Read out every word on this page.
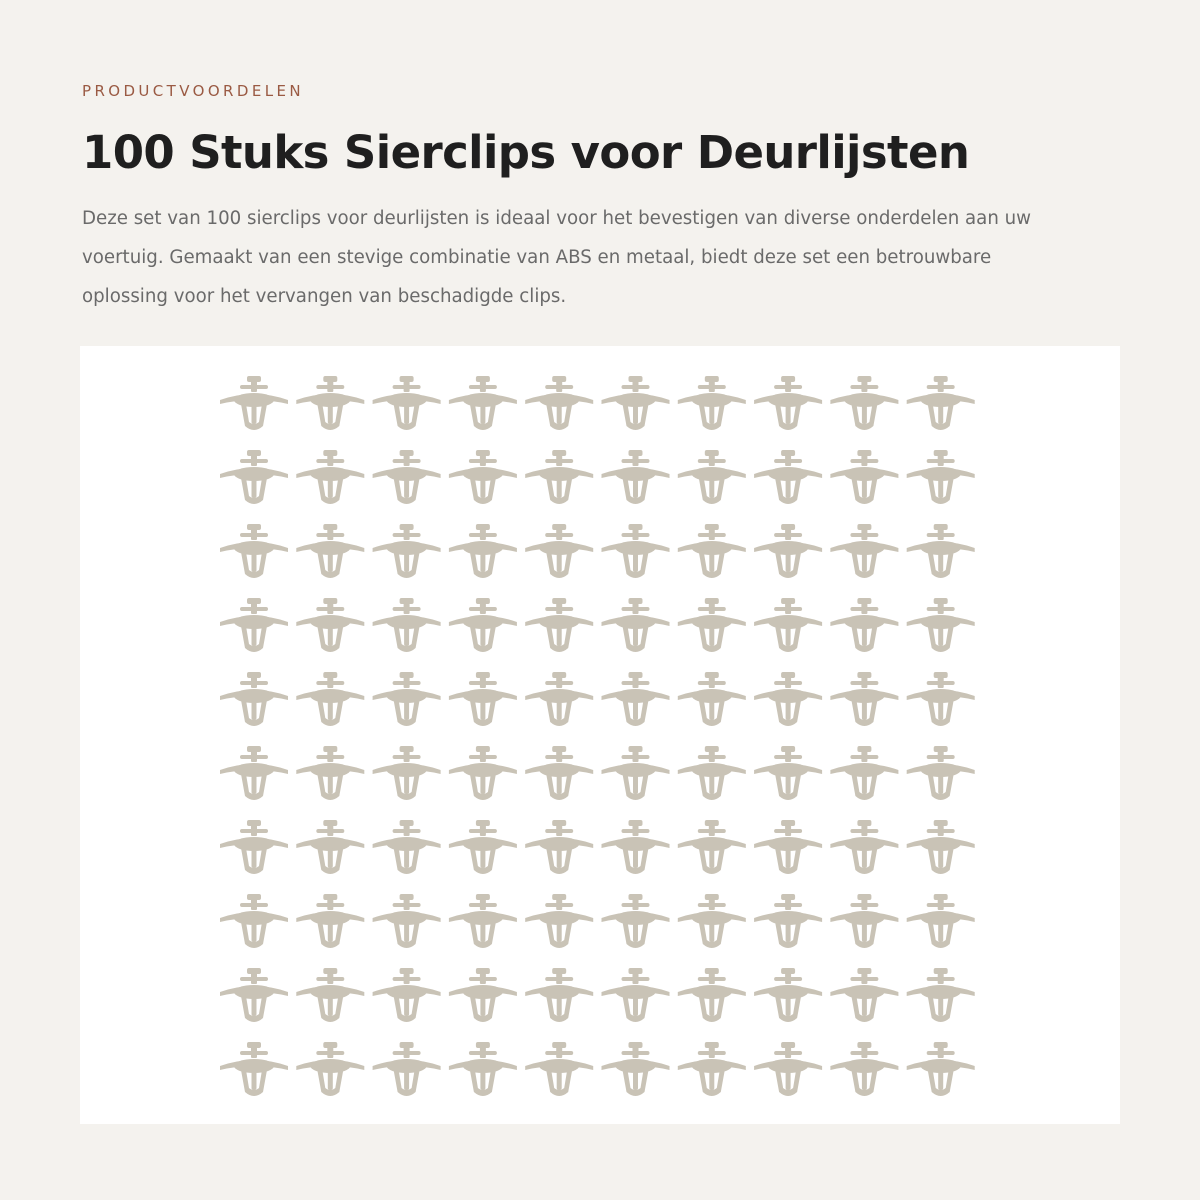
PRODUCTVOORDELEN
100 Stuks Sierclips voor Deurlijsten

Deze set van 100 sierclips voor deurlijsten is ideaal voor het bevestigen van diverse onderdelen aan uw voertuig. Gemaakt van een stevige combinatie van ABS en metaal, biedt deze set een betrouwbare oplossing voor het vervangen van beschadigde clips.
